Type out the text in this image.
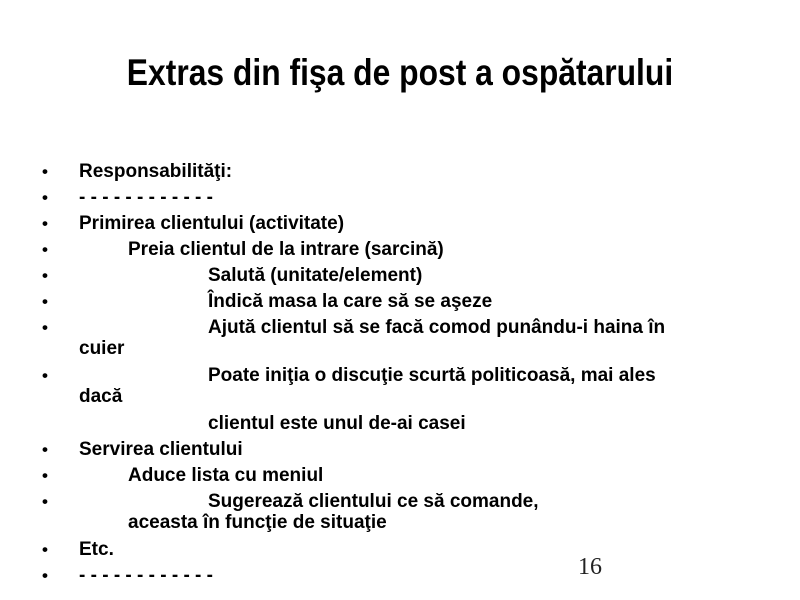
Extras din fişa de post a ospătarului
• Responsabilităţi:
• - - - - - - - - - - - -
• Primirea clientului (activitate)
•	Preia clientul de la intrare (sarcină)
•	Salută (unitate/element)
•	Îndică masa la care să se aşeze
•	Ajută clientul să se facă comod punându-i haina în
cuier
•	Poate iniţia o discuţie scurtă politicoasă, mai ales
dacă
clientul este unul de-ai casei
• Servirea clientului
•	Aduce lista cu meniul
•	Sugerează clientului ce să comande,
aceasta în funcţie de situaţie
• Etc.
• - - - - - - - - - - - -	16
